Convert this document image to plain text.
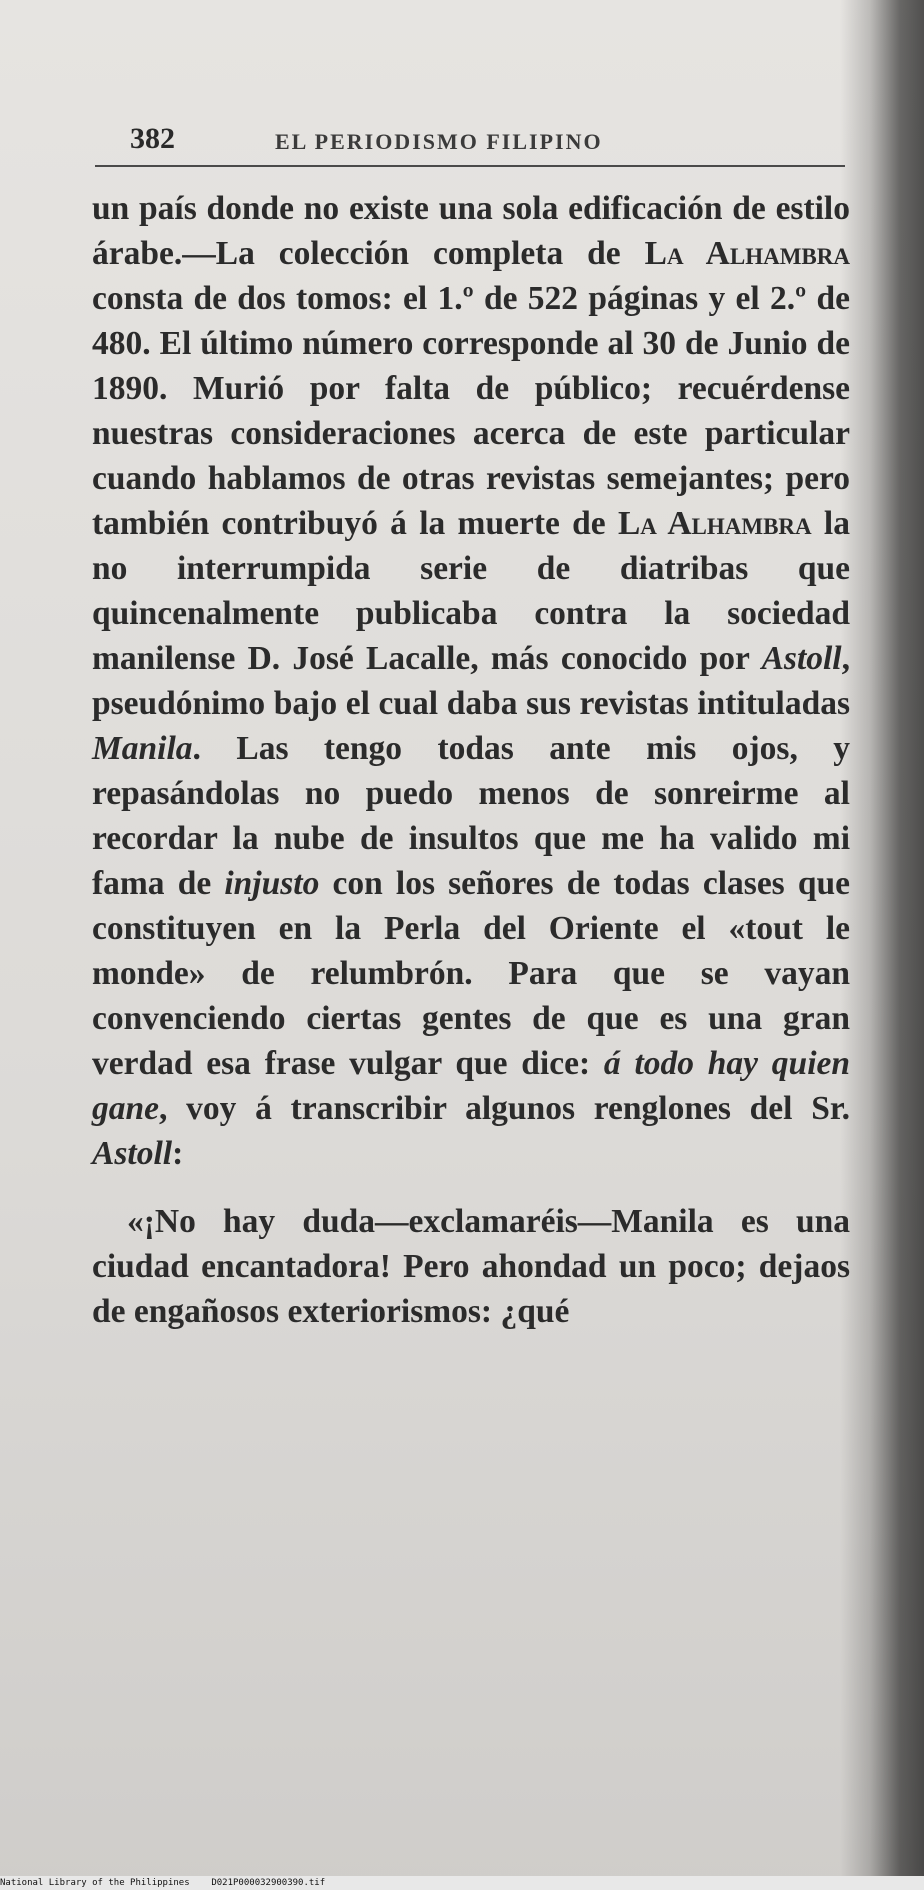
382	EL PERIODISMO FILIPINO

un país donde no existe una sola edificación de estilo árabe.—La colección completa de La Alhambra consta de dos tomos: el 1.º de 522 páginas y el 2.º de 480. El último número corresponde al 30 de Junio de 1890. Murió por falta de público; recuérdense nuestras consideraciones acerca de este particular cuando hablamos de otras revistas semejantes; pero también contribuyó á la muerte de La Alhambra la no interrumpida serie de diatribas que quincenalmente publicaba contra la sociedad manilense D. José Lacalle, más conocido por Astoll, pseudónimo bajo el cual daba sus revistas intituladas Manila. Las tengo todas ante mis ojos, y repasándolas no puedo menos de sonreirme al recordar la nube de insultos que me ha valido mi fama de injusto con los señores de todas clases que constituyen en la Perla del Oriente el «tout le monde» de relumbrón. Para que se vayan convenciendo ciertas gentes de que es una gran verdad esa frase vulgar que dice: á todo hay quien gane, voy á transcribir algunos renglones del Sr. Astoll:

«¡No hay duda—exclamaréis—Manila es una ciudad encantadora! Pero ahondad un poco; dejaos de engañosos exteriorismos: ¿qué

National Library of the Philippines D021P000032900390.tif
